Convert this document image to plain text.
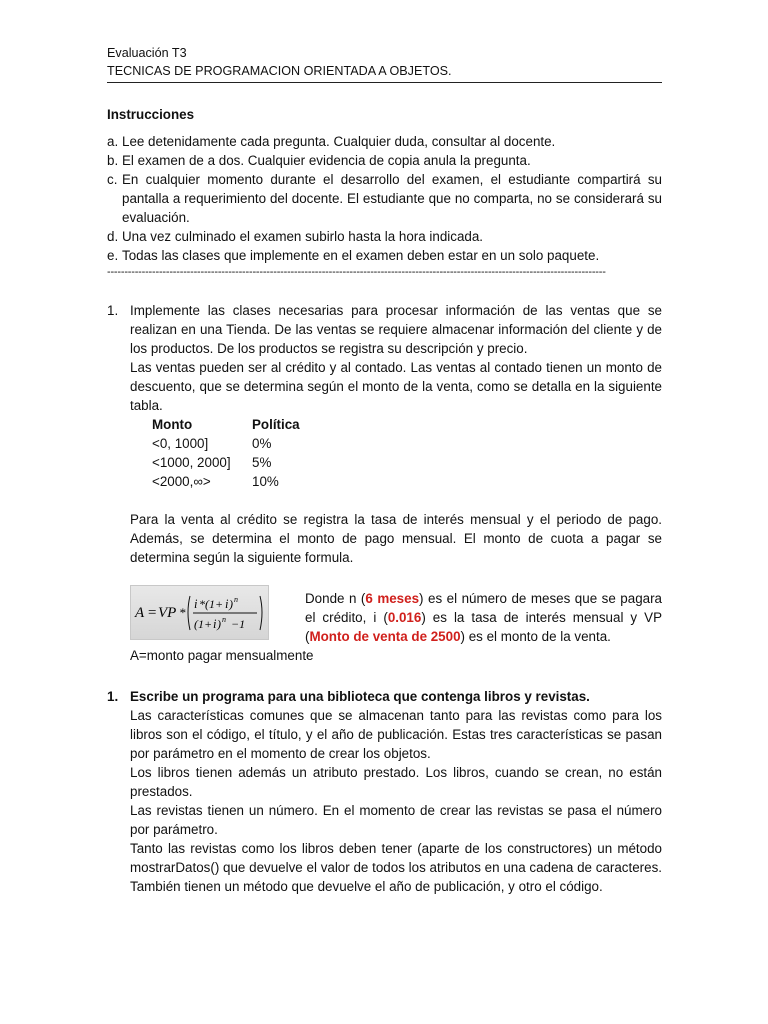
Evaluación T3
TECNICAS DE PROGRAMACION ORIENTADA A OBJETOS.
Instrucciones
a. Lee detenidamente cada pregunta. Cualquier duda, consultar al docente.
b. El examen de a dos. Cualquier evidencia de copia anula la pregunta.
c. En cualquier momento durante el desarrollo del examen, el estudiante compartirá su pantalla a requerimiento del docente. El estudiante que no comparta, no se considerará su evaluación.
d. Una vez culminado el examen subirlo hasta la hora indicada.
e. Todas las clases que implemente en el examen deben estar en un solo paquete.
------------------------------------------------------------------------------------------------------------------------------------------------
1. Implemente las clases necesarias para procesar información de las ventas que se realizan en una Tienda. De las ventas se requiere almacenar información del cliente y de los productos. De los productos se registra su descripción y precio.
Las ventas pueden ser al crédito y al contado. Las ventas al contado tienen un monto de descuento, que se determina según el monto de la venta, como se detalla en la siguiente tabla.
Monto	Política
<0, 1000]	0%
<1000, 2000]	5%
<2000,∞>	10%
Para la venta al crédito se registra la tasa de interés mensual y el periodo de pago. Además, se determina el monto de pago mensual. El monto de cuota a pagar se determina según la siguiente formula.
A = VP *
i *(1+ i ) n
(1+ i ) n −1
Donde n (6 meses) es el número de meses que se pagara el crédito, i (0.016) es la tasa de interés mensual y VP (Monto de venta de 2500) es el monto de la venta.
A=monto pagar mensualmente
1. Escribe un programa para una biblioteca que contenga libros y revistas.
Las características comunes que se almacenan tanto para las revistas como para los libros son el código, el título, y el año de publicación. Estas tres características se pasan por parámetro en el momento de crear los objetos.
Los libros tienen además un atributo prestado. Los libros, cuando se crean, no están prestados.
Las revistas tienen un número. En el momento de crear las revistas se pasa el número por parámetro.
Tanto las revistas como los libros deben tener (aparte de los constructores) un método mostrarDatos() que devuelve el valor de todos los atributos en una cadena de caracteres. También tienen un método que devuelve el año de publicación, y otro el código.
